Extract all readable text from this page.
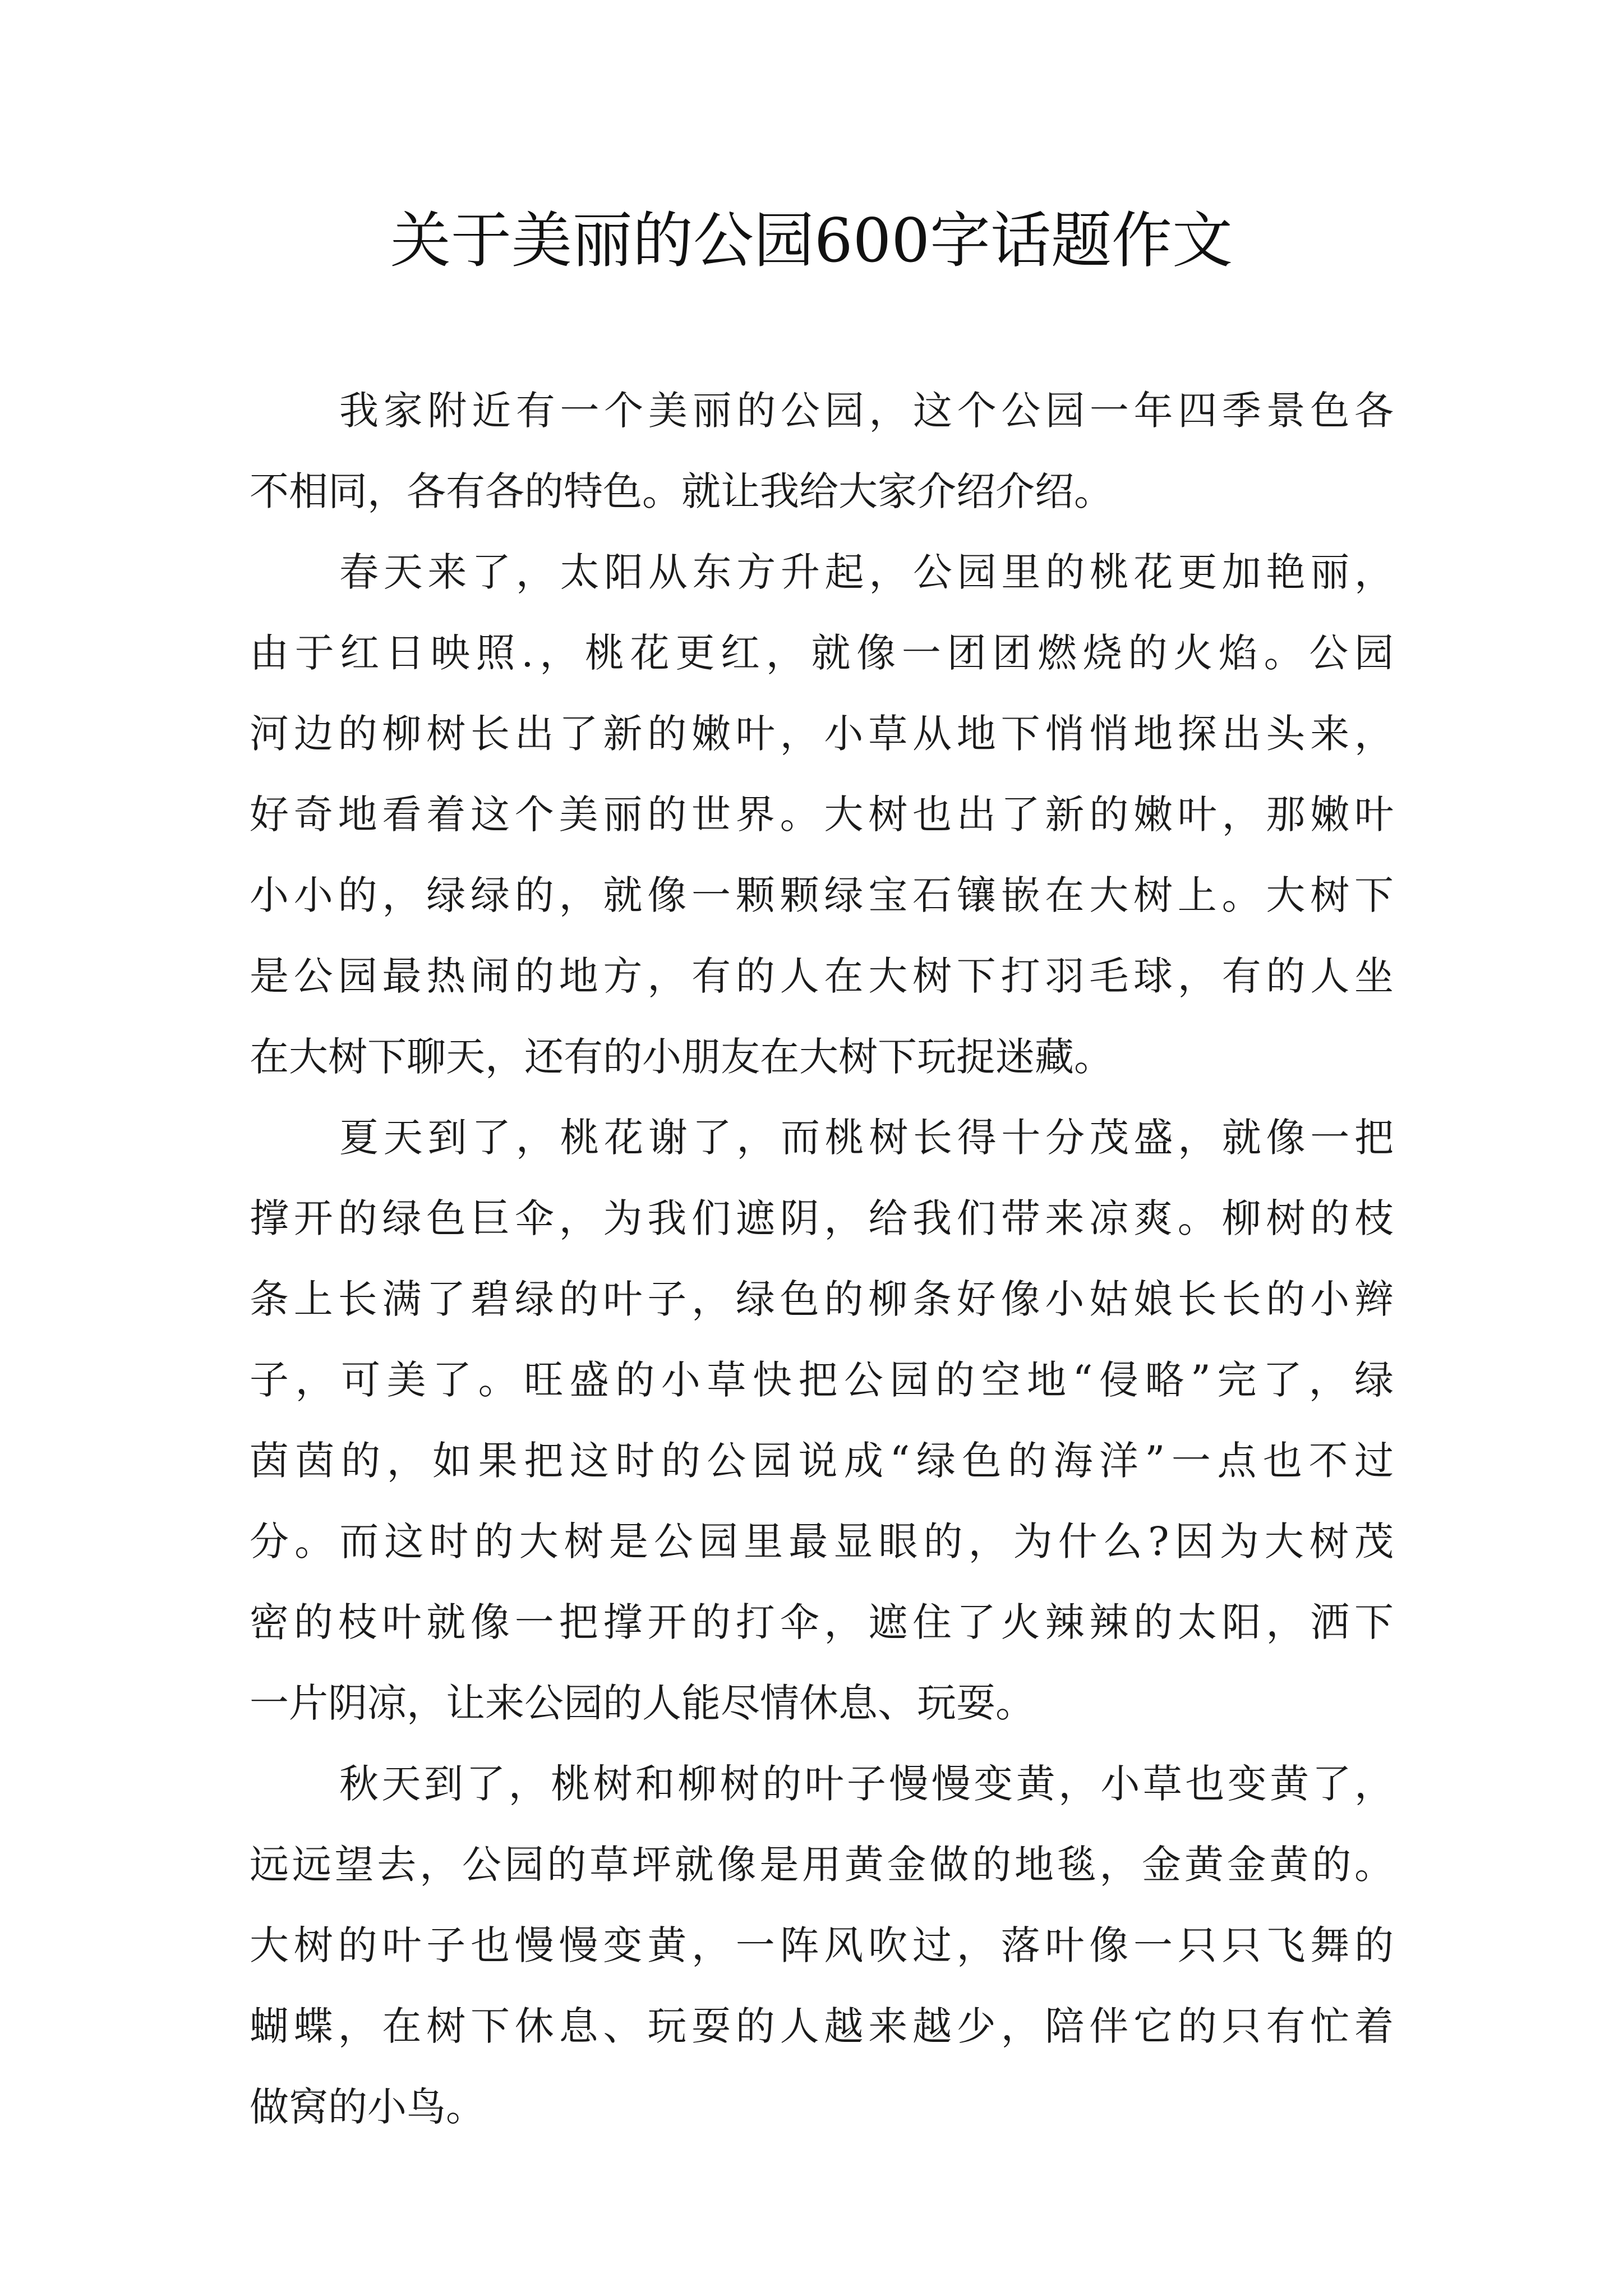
关于美丽的公园600字话题作文
我家附近有一个美丽的公园，这个公园一年四季景色各
不相同，各有各的特色。就让我给大家介绍介绍。
春天来了，太阳从东方升起，公园里的桃花更加艳丽，
由于红日映照.，桃花更红，就像一团团燃烧的火焰。公园
河边的柳树长出了新的嫩叶，小草从地下悄悄地探出头来，
好奇地看着这个美丽的世界。大树也出了新的嫩叶，那嫩叶
小小的，绿绿的，就像一颗颗绿宝石镶嵌在大树上。大树下
是公园最热闹的地方，有的人在大树下打羽毛球，有的人坐
在大树下聊天，还有的小朋友在大树下玩捉迷藏。
夏天到了，桃花谢了，而桃树长得十分茂盛，就像一把
撑开的绿色巨伞，为我们遮阴，给我们带来凉爽。柳树的枝
条上长满了碧绿的叶子，绿色的柳条好像小姑娘长长的小辫
子，可美了。旺盛的小草快把公园的空地“侵略”完了，绿
茵茵的，如果把这时的公园说成“绿色的海洋”一点也不过
分。而这时的大树是公园里最显眼的，为什么?因为大树茂
密的枝叶就像一把撑开的打伞，遮住了火辣辣的太阳，洒下
一片阴凉，让来公园的人能尽情休息、玩耍。
秋天到了，桃树和柳树的叶子慢慢变黄，小草也变黄了，
远远望去，公园的草坪就像是用黄金做的地毯，金黄金黄的。
大树的叶子也慢慢变黄，一阵风吹过，落叶像一只只飞舞的
蝴蝶，在树下休息、玩耍的人越来越少，陪伴它的只有忙着
做窝的小鸟。
